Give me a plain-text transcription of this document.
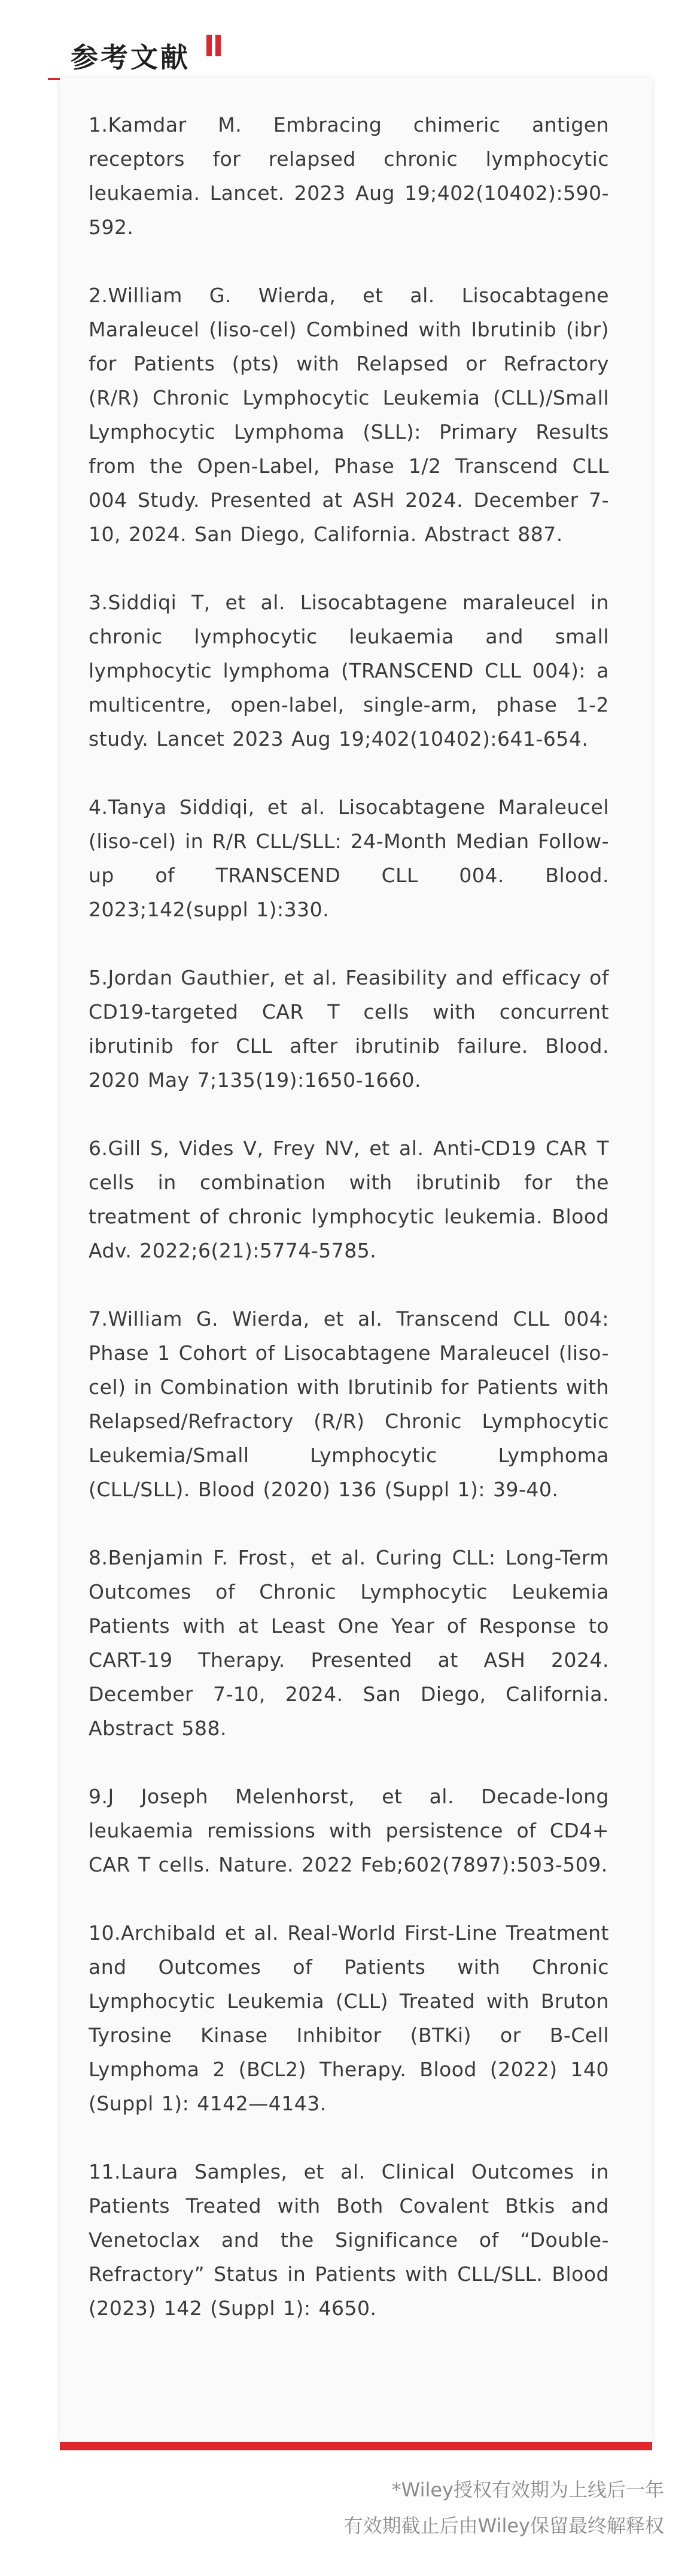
参考文献
1.Kamdar M. Embracing chimeric antigen receptors for relapsed chronic lymphocytic leukaemia. Lancet. 2023 Aug 19;402(10402):590-592.
2.William G. Wierda, et al. Lisocabtagene Maraleucel (liso-cel) Combined with Ibrutinib (ibr) for Patients (pts) with Relapsed or Refractory (R/R) Chronic Lymphocytic Leukemia (CLL)/Small Lymphocytic Lymphoma (SLL): Primary Results from the Open-Label, Phase 1/2 Transcend CLL 004 Study. Presented at ASH 2024. December 7-10, 2024. San Diego, California. Abstract 887.
3.Siddiqi T, et al. Lisocabtagene maraleucel in chronic lymphocytic leukaemia and small lymphocytic lymphoma (TRANSCEND CLL 004): a multicentre, open-label, single-arm, phase 1-2 study. Lancet 2023 Aug 19;402(10402):641-654.
4.Tanya Siddiqi, et al. Lisocabtagene Maraleucel (liso-cel) in R/R CLL/SLL: 24-Month Median Follow-up of TRANSCEND CLL 004. Blood. 2023;142(suppl 1):330.
5.Jordan Gauthier, et al. Feasibility and efficacy of CD19-targeted CAR T cells with concurrent ibrutinib for CLL after ibrutinib failure. Blood. 2020 May 7;135(19):1650-1660.
6.Gill S, Vides V, Frey NV, et al. Anti-CD19 CAR T cells in combination with ibrutinib for the treatment of chronic lymphocytic leukemia. Blood Adv. 2022;6(21):5774-5785.
7.William G. Wierda, et al. Transcend CLL 004: Phase 1 Cohort of Lisocabtagene Maraleucel (liso-cel) in Combination with Ibrutinib for Patients with Relapsed/Refractory (R/R) Chronic Lymphocytic Leukemia/Small Lymphocytic Lymphoma (CLL/SLL). Blood (2020) 136 (Suppl 1): 39-40.
8.Benjamin F. Frost，et al. Curing CLL: Long-Term Outcomes of Chronic Lymphocytic Leukemia Patients with at Least One Year of Response to CART-19 Therapy. Presented at ASH 2024. December 7-10, 2024. San Diego, California. Abstract 588.
9.J Joseph Melenhorst, et al. Decade-long leukaemia remissions with persistence of CD4+ CAR T cells. Nature. 2022 Feb;602(7897):503-509.
10.Archibald et al. Real-World First-Line Treatment and Outcomes of Patients with Chronic Lymphocytic Leukemia (CLL) Treated with Bruton Tyrosine Kinase Inhibitor (BTKi) or B-Cell Lymphoma 2 (BCL2) Therapy. Blood (2022) 140 (Suppl 1): 4142—4143.
11.Laura Samples, et al. Clinical Outcomes in Patients Treated with Both Covalent Btkis and Venetoclax and the Significance of “Double-Refractory” Status in Patients with CLL/SLL. Blood (2023) 142 (Suppl 1): 4650.
*Wiley授权有效期为上线后一年
有效期截止后由Wiley保留最终解释权
